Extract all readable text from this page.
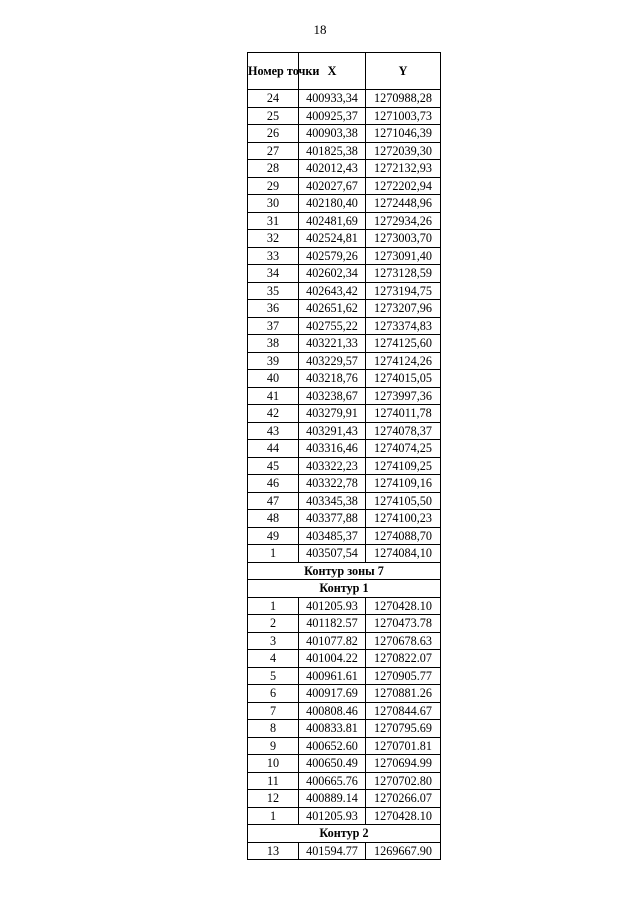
18
Номер точки	X	Y
24	400933,34	1270988,28
25	400925,37	1271003,73
26	400903,38	1271046,39
27	401825,38	1272039,30
28	402012,43	1272132,93
29	402027,67	1272202,94
30	402180,40	1272448,96
31	402481,69	1272934,26
32	402524,81	1273003,70
33	402579,26	1273091,40
34	402602,34	1273128,59
35	402643,42	1273194,75
36	402651,62	1273207,96
37	402755,22	1273374,83
38	403221,33	1274125,60
39	403229,57	1274124,26
40	403218,76	1274015,05
41	403238,67	1273997,36
42	403279,91	1274011,78
43	403291,43	1274078,37
44	403316,46	1274074,25
45	403322,23	1274109,25
46	403322,78	1274109,16
47	403345,38	1274105,50
48	403377,88	1274100,23
49	403485,37	1274088,70
1	403507,54	1274084,10
Контур зоны 7		
Контур 1		
1	401205.93	1270428.10
2	401182.57	1270473.78
3	401077.82	1270678.63
4	401004.22	1270822.07
5	400961.61	1270905.77
6	400917.69	1270881.26
7	400808.46	1270844.67
8	400833.81	1270795.69
9	400652.60	1270701.81
10	400650.49	1270694.99
11	400665.76	1270702.80
12	400889.14	1270266.07
1	401205.93	1270428.10
Контур 2		
13	401594.77	1269667.90
